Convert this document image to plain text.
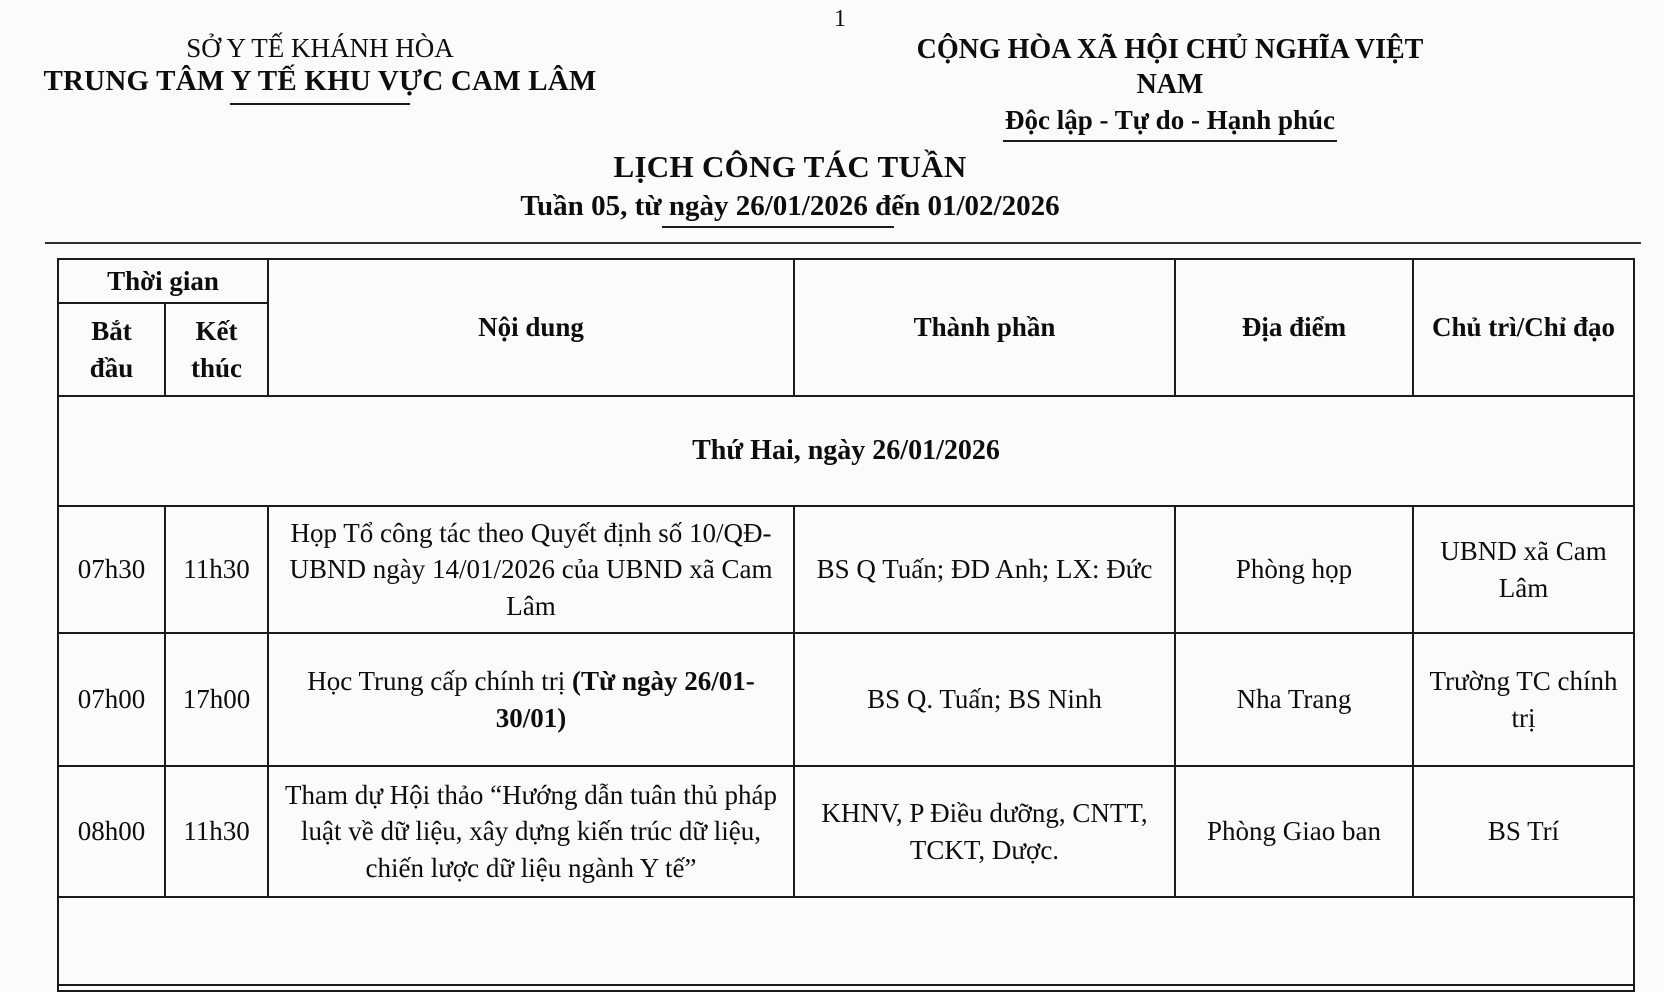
1
SỞ Y TẾ KHÁNH HÒA
TRUNG TÂM Y TẾ KHU VỰC CAM LÂM
CỘNG HÒA XÃ HỘI CHỦ NGHĨA VIỆT NAM
Độc lập - Tự do - Hạnh phúc
LỊCH CÔNG TÁC TUẦN
Tuần 05, từ ngày 26/01/2026 đến 01/02/2026
Thời gian		Nội dung	Thành phần	Địa điểm	Chủ trì/Chỉ đạo
Bắt đầu	Kết thúc				
Thứ Hai, ngày 26/01/2026					
07h30	11h30	Họp Tổ công tác theo Quyết định số 10/QĐ-UBND ngày 14/01/2026 của UBND xã Cam Lâm	BS Q Tuấn; ĐD Anh; LX: Đức	Phòng họp	UBND xã Cam Lâm
07h00	17h00	Học Trung cấp chính trị (Từ ngày 26/01-30/01)	BS Q. Tuấn; BS Ninh	Nha Trang	Trường TC chính trị
08h00	11h30	Tham dự Hội thảo “Hướng dẫn tuân thủ pháp luật về dữ liệu, xây dựng kiến trúc dữ liệu, chiến lược dữ liệu ngành Y tế”	KHNV, P Điều dưỡng, CNTT, TCKT, Dược.	Phòng Giao ban	BS Trí
